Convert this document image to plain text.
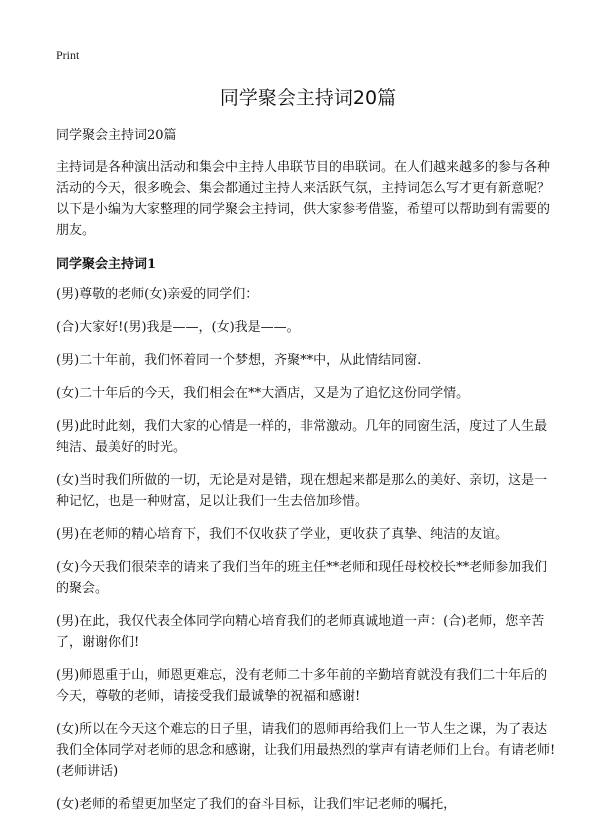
Print
同学聚会主持词20篇

同学聚会主持词20篇

主持词是各种演出活动和集会中主持人串联节目的串联词。在人们越来越多的参与各种活动的今天，很多晚会、集会都通过主持人来活跃气氛，主持词怎么写才更有新意呢？以下是小编为大家整理的同学聚会主持词，供大家参考借鉴，希望可以帮助到有需要的朋友。

同学聚会主持词1

(男)尊敬的老师(女)亲爱的同学们：

(合)大家好!(男)我是——，(女)我是——。

(男)二十年前，我们怀着同一个梦想，齐聚**中，从此情结同窗.

(女)二十年后的今天，我们相会在**大酒店，又是为了追忆这份同学情。

(男)此时此刻，我们大家的心情是一样的，非常激动。几年的同窗生活，度过了人生最纯洁、最美好的时光。

(女)当时我们所做的一切，无论是对是错，现在想起来都是那么的美好、亲切，这是一种记忆，也是一种财富，足以让我们一生去倍加珍惜。

(男)在老师的精心培育下，我们不仅收获了学业，更收获了真挚、纯洁的友谊。

(女)今天我们很荣幸的请来了我们当年的班主任**老师和现任母校校长**老师参加我们的聚会。

(男)在此，我仅代表全体同学向精心培育我们的老师真诚地道一声：(合)老师，您辛苦了，谢谢你们!

(男)师恩重于山，师恩更难忘，没有老师二十多年前的辛勤培育就没有我们二十年后的今天，尊敬的老师，请接受我们最诚挚的祝福和感谢!

(女)所以在今天这个难忘的日子里，请我们的恩师再给我们上一节人生之课，为了表达我们全体同学对老师的思念和感谢，让我们用最热烈的掌声有请老师们上台。有请老师!(老师讲话)

(女)老师的希望更加坚定了我们的奋斗目标，让我们牢记老师的嘱托，
